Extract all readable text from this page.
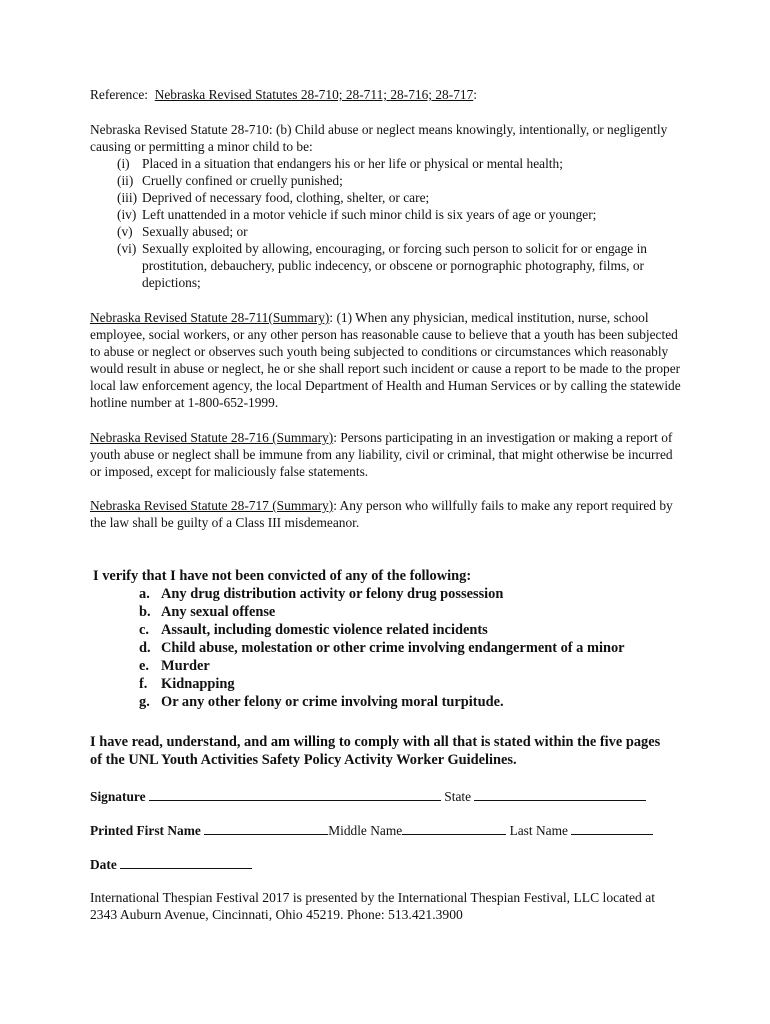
Reference: Nebraska Revised Statutes 28-710; 28-711; 28-716; 28-717:

Nebraska Revised Statute 28-710: (b) Child abuse or neglect means knowingly, intentionally, or negligently causing or permitting a minor child to be:

(i) Placed in a situation that endangers his or her life or physical or mental health;
(ii) Cruelly confined or cruelly punished;
(iii) Deprived of necessary food, clothing, shelter, or care;
(iv) Left unattended in a motor vehicle if such minor child is six years of age or younger;
(v) Sexually abused; or
(vi) Sexually exploited by allowing, encouraging, or forcing such person to solicit for or engage in prostitution, debauchery, public indecency, or obscene or pornographic photography, films, or depictions;

Nebraska Revised Statute 28-711(Summary): (1) When any physician, medical institution, nurse, school employee, social workers, or any other person has reasonable cause to believe that a youth has been subjected to abuse or neglect or observes such youth being subjected to conditions or circumstances which reasonably would result in abuse or neglect, he or she shall report such incident or cause a report to be made to the proper local law enforcement agency, the local Department of Health and Human Services or by calling the statewide hotline number at 1-800-652-1999.

Nebraska Revised Statute 28-716 (Summary): Persons participating in an investigation or making a report of youth abuse or neglect shall be immune from any liability, civil or criminal, that might otherwise be incurred or imposed, except for maliciously false statements.

Nebraska Revised Statute 28-717 (Summary): Any person who willfully fails to make any report required by the law shall be guilty of a Class III misdemeanor.

I verify that I have not been convicted of any of the following:

a. Any drug distribution activity or felony drug possession
b. Any sexual offense
c. Assault, including domestic violence related incidents
d. Child abuse, molestation or other crime involving endangerment of a minor
e. Murder
f. Kidnapping
g. Or any other felony or crime involving moral turpitude.

I have read, understand, and am willing to comply with all that is stated within the five pages of the UNL Youth Activities Safety Policy Activity Worker Guidelines.

Signature	State
Printed First Name	Middle Name	Last Name
Date

International Thespian Festival 2017 is presented by the International Thespian Festival, LLC located at 2343 Auburn Avenue, Cincinnati, Ohio 45219. Phone: 513.421.3900
